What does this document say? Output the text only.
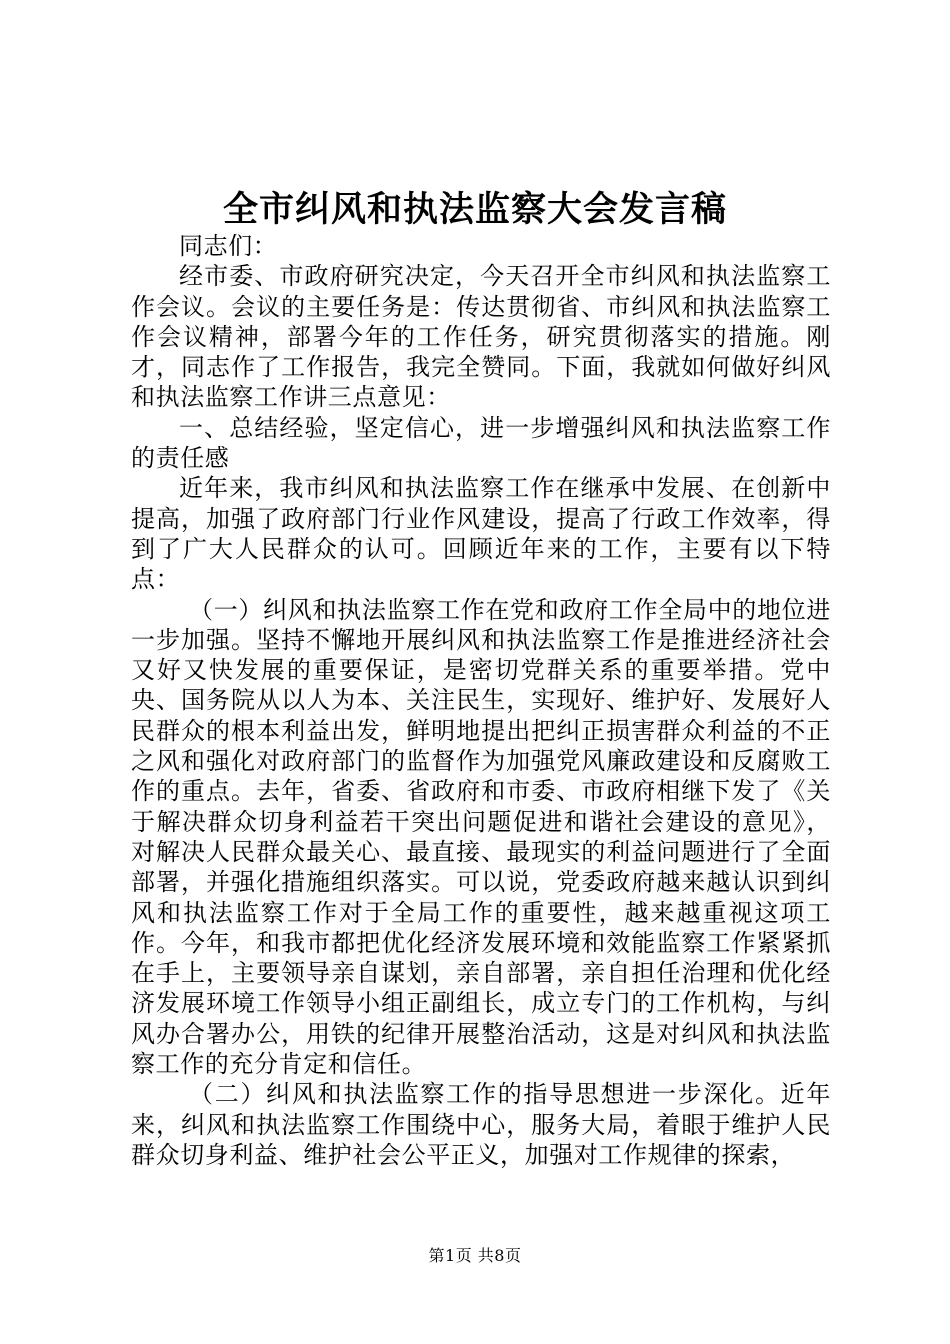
全市纠风和执法监察大会发言稿

同志们：

经市委、市政府研究决定，今天召开全市纠风和执法监察工作会议。会议的主要任务是：传达贯彻省、市纠风和执法监察工作会议精神，部署今年的工作任务，研究贯彻落实的措施。刚才，同志作了工作报告，我完全赞同。下面，我就如何做好纠风和执法监察工作讲三点意见：

一、总结经验，坚定信心，进一步增强纠风和执法监察工作的责任感

近年来，我市纠风和执法监察工作在继承中发展、在创新中提高，加强了政府部门行业作风建设，提高了行政工作效率，得到了广大人民群众的认可。回顾近年来的工作，主要有以下特点：

（一）纠风和执法监察工作在党和政府工作全局中的地位进一步加强。坚持不懈地开展纠风和执法监察工作是推进经济社会又好又快发展的重要保证，是密切党群关系的重要举措。党中央、国务院从以人为本、关注民生，实现好、维护好、发展好人民群众的根本利益出发，鲜明地提出把纠正损害群众利益的不正之风和强化对政府部门的监督作为加强党风廉政建设和反腐败工作的重点。去年，省委、省政府和市委、市政府相继下发了《关于解决群众切身利益若干突出问题促进和谐社会建设的意见》，对解决人民群众最关心、最直接、最现实的利益问题进行了全面部署，并强化措施组织落实。可以说，党委政府越来越认识到纠风和执法监察工作对于全局工作的重要性，越来越重视这项工作。今年，和我市都把优化经济发展环境和效能监察工作紧紧抓在手上，主要领导亲自谋划，亲自部署，亲自担任治理和优化经济发展环境工作领导小组正副组长，成立专门的工作机构，与纠风办合署办公，用铁的纪律开展整治活动，这是对纠风和执法监察工作的充分肯定和信任。

（二）纠风和执法监察工作的指导思想进一步深化。近年来，纠风和执法监察工作围绕中心，服务大局，着眼于维护人民群众切身利益、维护社会公平正义，加强对工作规律的探索，

第1页 共8页
